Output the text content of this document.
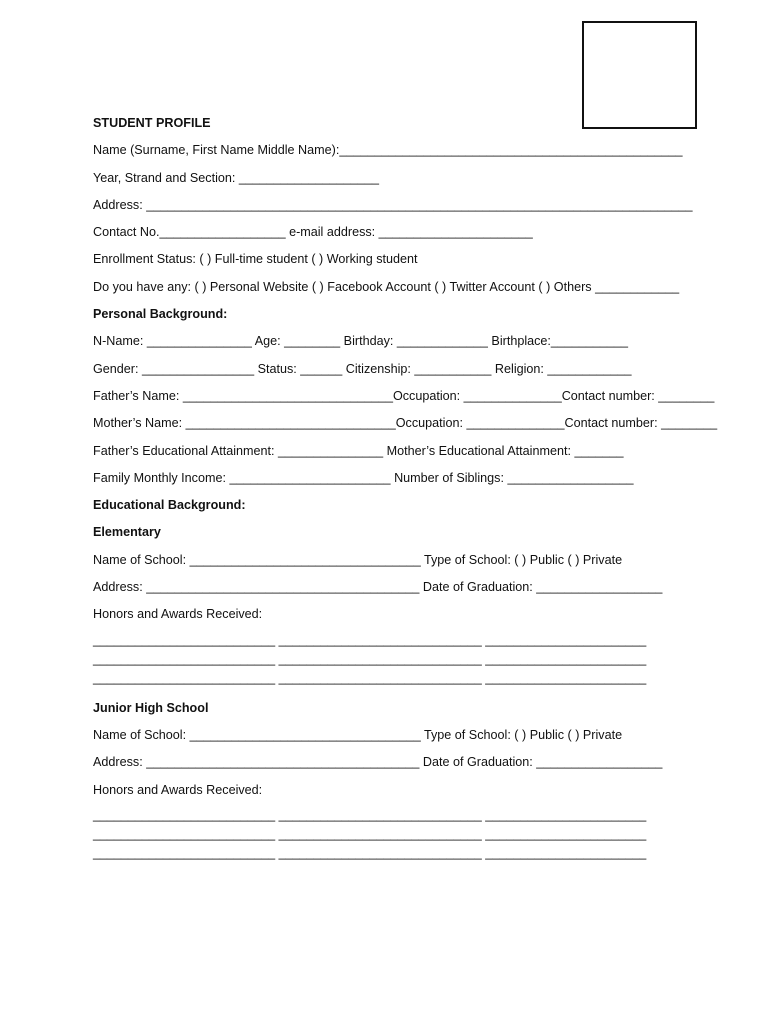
STUDENT PROFILE
Name (Surname, First Name Middle Name):_________________________________________________
Year, Strand and Section: ____________________
Address: ______________________________________________________________________________
Contact No.__________________ e-mail address: ______________________
Enrollment Status: ( ) Full-time student ( ) Working student
Do you have any: ( ) Personal Website ( ) Facebook Account ( ) Twitter Account ( ) Others ____________
Personal Background:
N-Name: _______________ Age: ________ Birthday: _____________ Birthplace:___________
Gender: ________________ Status: ______ Citizenship: ___________ Religion: ____________
Father’s Name: ______________________________Occupation: ______________Contact number: ________
Mother’s Name: ______________________________Occupation: ______________Contact number: ________
Father’s Educational Attainment: _______________ Mother’s Educational Attainment: _______
Family Monthly Income: _______________________ Number of Siblings: __________________
Educational Background:
Elementary
Name of School: _________________________________ Type of School: ( ) Public ( ) Private
Address: _______________________________________ Date of Graduation: __________________
Honors and Awards Received:
__________________________ _____________________________ _______________________
__________________________ _____________________________ _______________________
__________________________ _____________________________ _______________________
Junior High School
Name of School: _________________________________ Type of School: ( ) Public ( ) Private
Address: _______________________________________ Date of Graduation: __________________
Honors and Awards Received:
__________________________ _____________________________ _______________________
__________________________ _____________________________ _______________________
__________________________ _____________________________ _______________________
